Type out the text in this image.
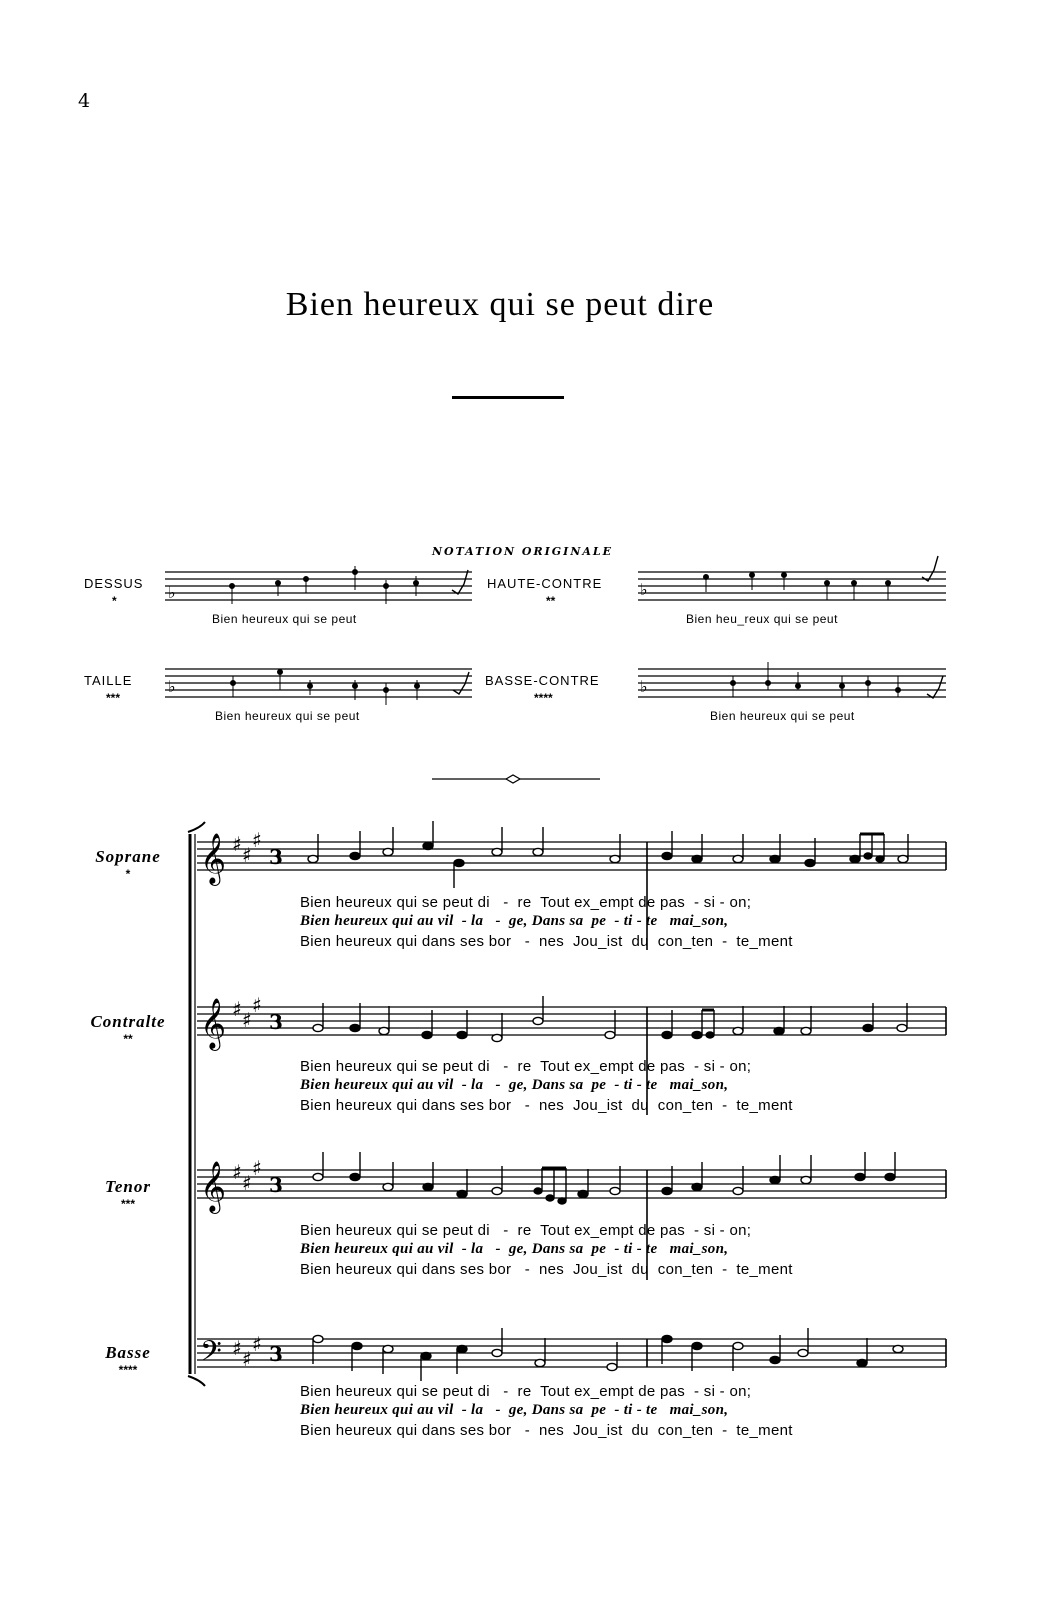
4
Bien heureux qui se peut dire
NOTATION ORIGINALE
DESSUS
*
Bien heureux qui se peut
HAUTE-CONTRE
**
Bien heu_reux qui se peut
TAILLE
***
Bien heureux qui se peut
BASSE-CONTRE
****
Bien heureux qui se peut
Soprane
*
Contralte
**
Tenor
***
Basse
****
Bien heureux qui se peut di   -  re  Tout ex_empt de pas  - si - on;
Bien heureux qui au vil  - la   -  ge, Dans sa  pe  - ti - te   mai_son,
Bien heureux qui dans ses bor   -  nes  Jou_ist  du  con_ten  -  te_ment
Bien heureux qui se peut di   -  re  Tout ex_empt de pas  - si - on;
Bien heureux qui au vil  - la   -  ge, Dans sa  pe  - ti - te   mai_son,
Bien heureux qui dans ses bor   -  nes  Jou_ist  du  con_ten  -  te_ment
Bien heureux qui se peut di   -  re  Tout ex_empt de pas  - si - on;
Bien heureux qui au vil  - la   -  ge, Dans sa  pe  - ti - te   mai_son,
Bien heureux qui dans ses bor   -  nes  Jou_ist  du  con_ten  -  te_ment
Bien heureux qui se peut di   -  re  Tout ex_empt de pas  - si - on;
Bien heureux qui au vil  - la   -  ge, Dans sa  pe  - ti - te   mai_son,
Bien heureux qui dans ses bor   -  nes  Jou_ist  du  con_ten  -  te_ment
♭	♭
♭	♭
𝄞
𝄞
𝄞
𝄢
♯ ♯
♯
♯ ♯
♯
♯ ♯
♯
♯ ♯
♯
3
3
3
3
